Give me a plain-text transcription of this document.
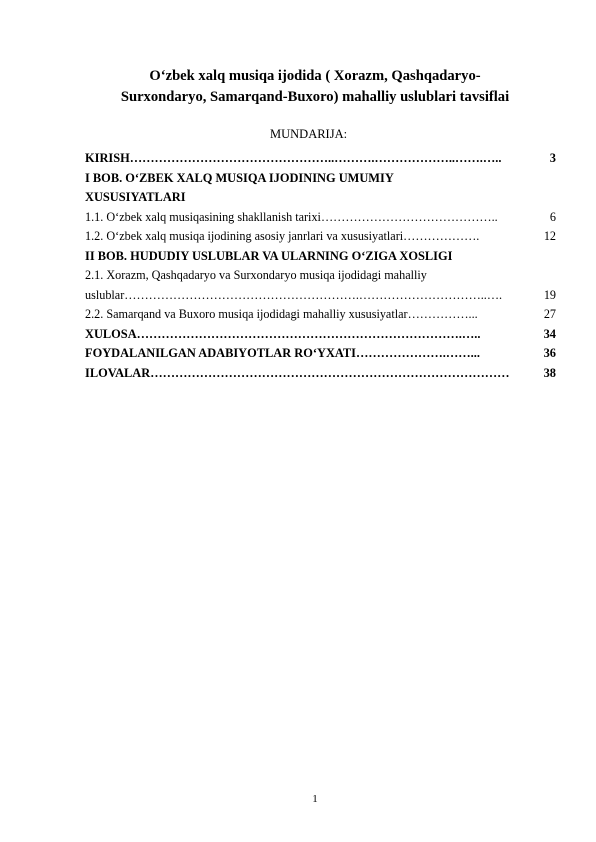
O‘zbek xalq musiqa ijodida ( Xorazm, Qashqadaryo-
Surxondaryo, Samarqand-Buxoro) mahalliy uslublari tavsiflai
MUNDARIJA:
KIRISH …………………………………………..……….………………..…….…..	3
I BOB. O‘ZBEK XALQ MUSIQA IJODINING UMUMIY
XUSUSIYATLARI
1.1. O‘zbek xalq musiqasining shakllanish tarixi ……………………………………..	6
1.2. O‘zbek xalq musiqa ijodining asosiy janrlari va xususiyatlari ……………….	12
II BOB. HUDUDIY USLUBLAR VA ULARNING O‘ZIGA XOSLIGI
2.1. Xorazm, Qashqadaryo va Surxondaryo musiqa ijodidagi mahalliy
uslublar ………………………………………………….…………………………..….	19
2.2. Samarqand va Buxoro musiqa ijodidagi mahalliy xususiyatlar ……………...	27
XULOSA …………………………………………………………………….…..	34
FOYDALANILGAN ADABIYOTLAR RO‘YXATI ………………….……...	36
ILOVALAR ……………………………………………………………………………	38
1
